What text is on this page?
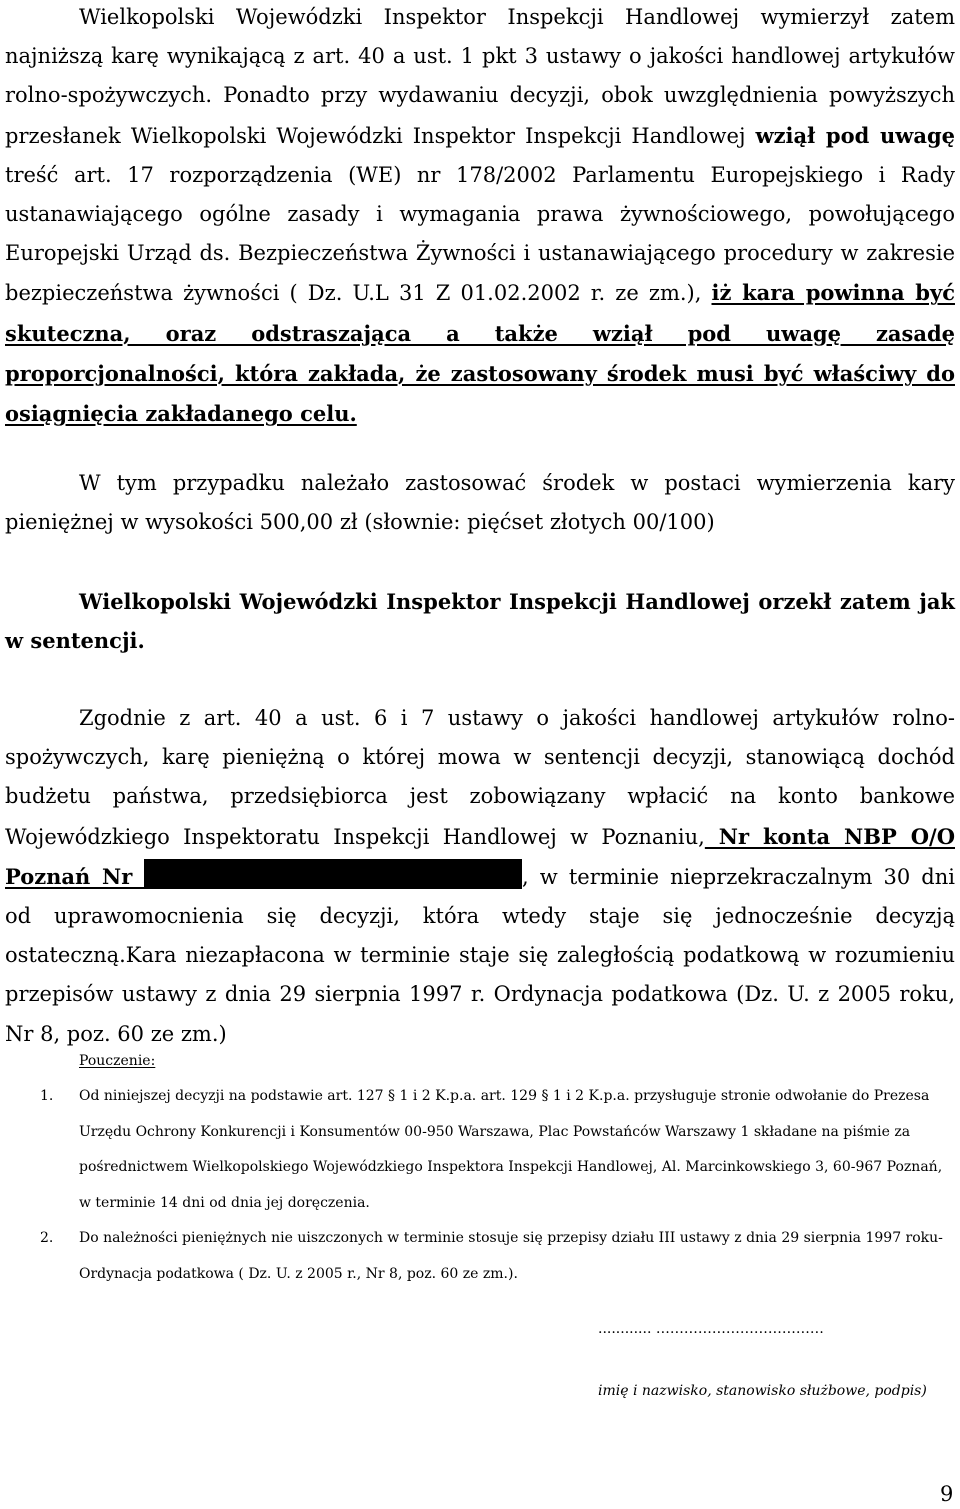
Wielkopolski Wojewódzki Inspektor Inspekcji Handlowej wymierzył zatem najniższą karę wynikającą z art. 40 a ust. 1 pkt 3 ustawy o jakości handlowej artykułów rolno-spożywczych. Ponadto przy wydawaniu decyzji, obok uwzględnienia powyższych przesłanek Wielkopolski Wojewódzki Inspektor Inspekcji Handlowej wziął pod uwagę treść art. 17 rozporządzenia (WE) nr 178/2002 Parlamentu Europejskiego i Rady ustanawiającego ogólne zasady i wymagania prawa żywnościowego, powołującego Europejski Urząd ds. Bezpieczeństwa Żywności i ustanawiającego procedury w zakresie bezpieczeństwa żywności ( Dz. U.L 31 Z 01.02.2002 r. ze zm.), iż kara powinna być skuteczna, oraz odstraszająca a także wziął pod uwagę zasadę proporcjonalności, która zakłada, że zastosowany środek musi być właściwy do osiągnięcia zakładanego celu.

W tym przypadku należało zastosować środek w postaci wymierzenia kary pieniężnej w wysokości 500,00 zł (słownie: pięćset złotych 00/100)

Wielkopolski Wojewódzki Inspektor Inspekcji Handlowej orzekł zatem jak w sentencji.

Zgodnie z art. 40 a ust. 6 i 7 ustawy o jakości handlowej artykułów rolno-spożywczych, karę pieniężną o której mowa w sentencji decyzji, stanowiącą dochód budżetu państwa, przedsiębiorca jest zobowiązany wpłacić na konto bankowe Wojewódzkiego Inspektoratu Inspekcji Handlowej w Poznaniu, Nr konta NBP O/O Poznań Nr	, w terminie nieprzekraczalnym 30 dni od uprawomocnienia się decyzji, która wtedy staje się jednocześnie decyzją ostateczną.Kara niezapłacona w terminie staje się zaległością podatkową w rozumieniu przepisów ustawy z dnia 29 sierpnia 1997 r. Ordynacja podatkowa (Dz. U. z 2005 roku, Nr 8, poz. 60 ze zm.)

Pouczenie:
1. Od niniejszej decyzji na podstawie art. 127 § 1 i 2 K.p.a. art. 129 § 1 i 2 K.p.a. przysługuje stronie odwołanie do Prezesa Urzędu Ochrony Konkurencji i Konsumentów 00-950 Warszawa, Plac Powstańców Warszawy 1 składane na piśmie za pośrednictwem Wielkopolskiego Wojewódzkiego Inspektora Inspekcji Handlowej, Al. Marcinkowskiego 3, 60-967 Poznań, w terminie 14 dni od dnia jej doręczenia.
2. Do należności pieniężnych nie uiszczonych w terminie stosuje się przepisy działu III ustawy z dnia 29 sierpnia 1997 roku- Ordynacja podatkowa ( Dz. U. z 2005 r., Nr 8, poz. 60 ze zm.).
............ ………………………………
imię i nazwisko, stanowisko służbowe, podpis)
9
